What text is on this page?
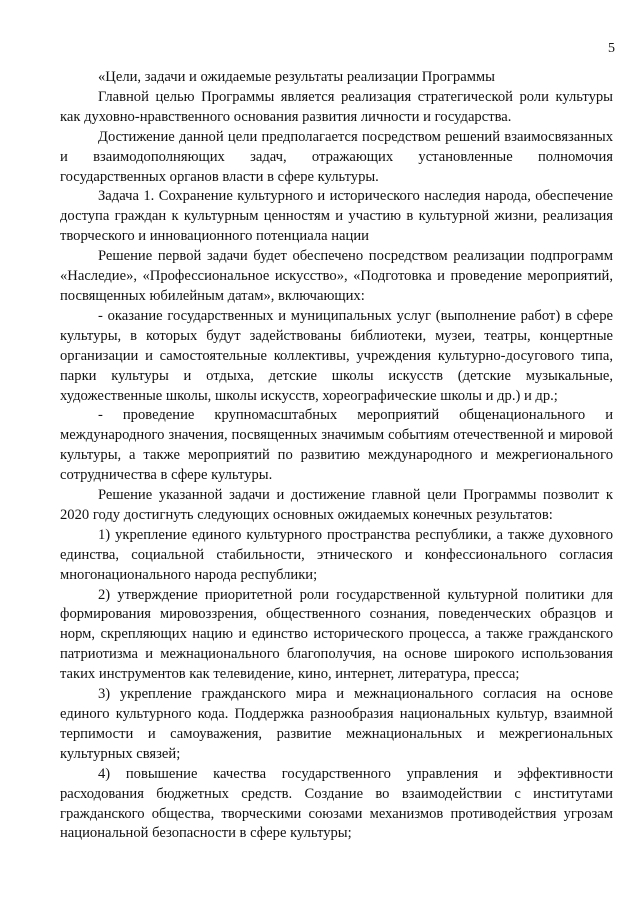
5

«Цели, задачи и ожидаемые результаты реализации Программы

Главной целью Программы является реализация стратегической роли культуры как духовно-нравственного основания развития личности и государства.

Достижение данной цели предполагается посредством решений взаимосвязанных и взаимодополняющих задач, отражающих установленные полномочия государственных органов власти в сфере культуры.

Задача 1. Сохранение культурного и исторического наследия народа, обеспечение доступа граждан к культурным ценностям и участию в культурной жизни, реализация творческого и инновационного потенциала нации

Решение первой задачи будет обеспечено посредством реализации подпрограмм «Наследие», «Профессиональное искусство», «Подготовка и проведение мероприятий, посвященных юбилейным датам», включающих:

- оказание государственных и муниципальных услуг (выполнение работ) в сфере культуры, в которых будут задействованы библиотеки, музеи, театры, концертные организации и самостоятельные коллективы, учреждения культурно-досугового типа, парки культуры и отдыха, детские школы искусств (детские музыкальные, художественные школы, школы искусств, хореографические школы и др.) и др.;

- проведение крупномасштабных мероприятий общенационального и международного значения, посвященных значимым событиям отечественной и мировой культуры, а также мероприятий по развитию международного и межрегионального сотрудничества в сфере культуры.

Решение указанной задачи и достижение главной цели Программы позволит к 2020 году достигнуть следующих основных ожидаемых конечных результатов:

1) укрепление единого культурного пространства республики, а также духовного единства, социальной стабильности, этнического и конфессионального согласия многонационального народа республики;

2) утверждение приоритетной роли государственной культурной политики для формирования мировоззрения, общественного сознания, поведенческих образцов и норм, скрепляющих нацию и единство исторического процесса, а также гражданского патриотизма и межнационального благополучия, на основе широкого использования таких инструментов как телевидение, кино, интернет, литература, пресса;

3) укрепление гражданского мира и межнационального согласия на основе единого культурного кода. Поддержка разнообразия национальных культур, взаимной терпимости и самоуважения, развитие межнациональных и межрегиональных культурных связей;

4) повышение качества государственного управления и эффективности расходования бюджетных средств. Создание во взаимодействии с институтами гражданского общества, творческими союзами механизмов противодействия угрозам национальной безопасности в сфере культуры;
